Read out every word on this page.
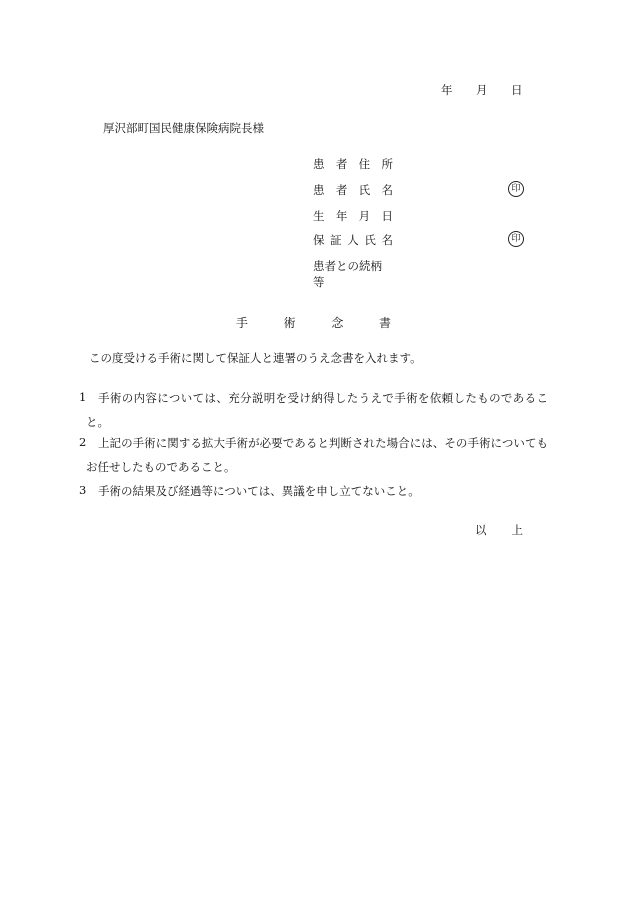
年 月 日
厚沢部町国民健康保険病院長様
患 者 住 所
患 者 氏 名	印
生 年 月 日
保 証 人 氏 名	印
患者との続柄等
手	術	念	書
この度受ける手術に関して保証人と連署のうえ念書を入れます。
1 手術の内容については、充分説明を受け納得したうえで手術を依頼したものであるこ
と。
2 上記の手術に関する拡大手術が必要であると判断された場合には、その手術についても
お任せしたものであること。
3 手術の結果及び経過等については、異議を申し立てないこと。
以 上
